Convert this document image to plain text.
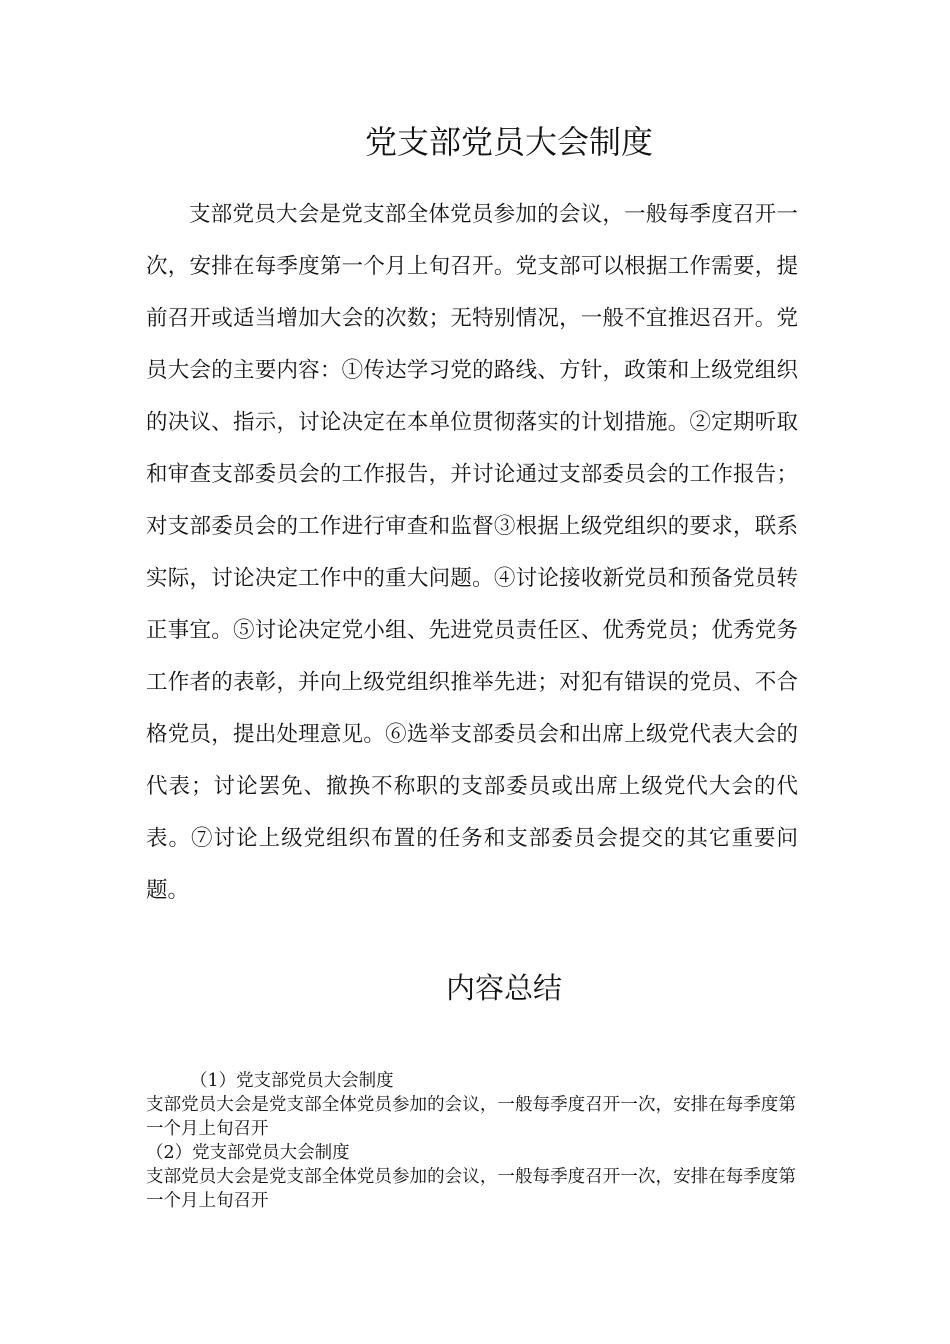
党支部党员大会制度

支部党员大会是党支部全体党员参加的会议，一般每季度召开一次，安排在每季度第一个月上旬召开。党支部可以根据工作需要，提前召开或适当增加大会的次数；无特别情况，一般不宜推迟召开。党员大会的主要内容：①传达学习党的路线、方针，政策和上级党组织的决议、指示，讨论决定在本单位贯彻落实的计划措施。②定期听取和审查支部委员会的工作报告，并讨论通过支部委员会的工作报告；对支部委员会的工作进行审查和监督③根据上级党组织的要求，联系实际，讨论决定工作中的重大问题。④讨论接收新党员和预备党员转正事宜。⑤讨论决定党小组、先进党员责任区、优秀党员；优秀党务工作者的表彰，并向上级党组织推举先进；对犯有错误的党员、不合格党员，提出处理意见。⑥选举支部委员会和出席上级党代表大会的代表；讨论罢免、撤换不称职的支部委员或出席上级党代大会的代表。⑦讨论上级党组织布置的任务和支部委员会提交的其它重要问题。

内容总结

（1）党支部党员大会制度

支部党员大会是党支部全体党员参加的会议，一般每季度召开一次，安排在每季度第一个月上旬召开

（2）党支部党员大会制度

支部党员大会是党支部全体党员参加的会议，一般每季度召开一次，安排在每季度第一个月上旬召开
